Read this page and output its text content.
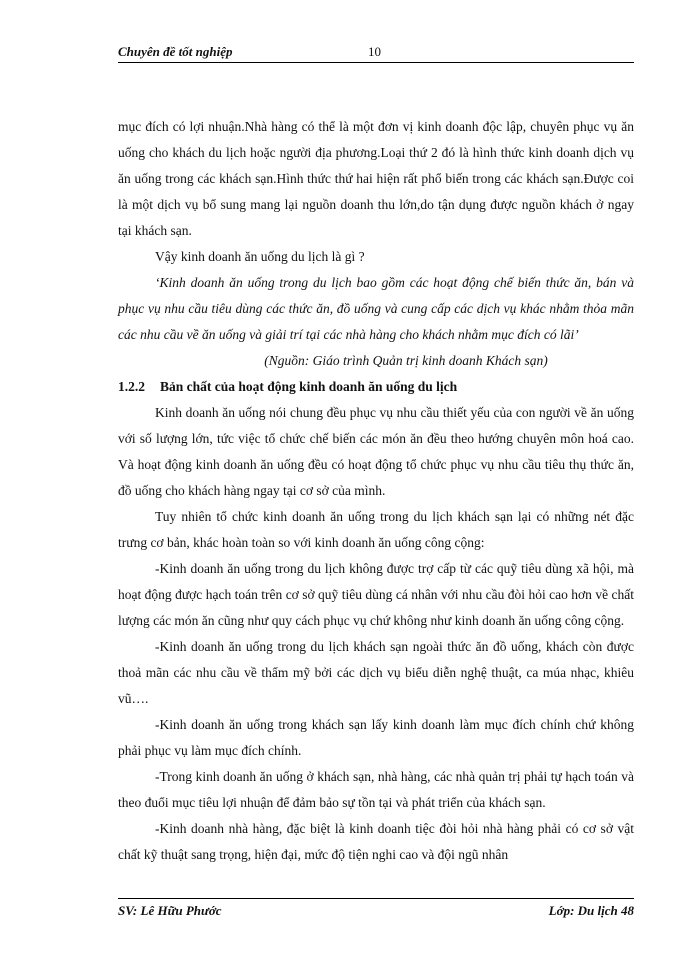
Chuyên đề tốt nghiệp	10

mục đích có lợi nhuận.Nhà hàng có thể là một đơn vị kinh doanh độc lập, chuyên phục vụ ăn uống cho khách du lịch hoặc người địa phương.Loại thứ 2 đó là hình thức kinh doanh dịch vụ ăn uống trong các khách sạn.Hình thức thứ hai hiện rất phổ biến trong các khách sạn.Được coi là một dịch vụ bổ sung mang lại nguồn doanh thu lớn,do tận dụng được nguồn khách ở ngay tại khách sạn.

Vậy kinh doanh ăn uống du lịch là gì ?

‘Kinh doanh ăn uống trong du lịch bao gồm các hoạt động chế biến thức ăn, bán và phục vụ nhu cầu tiêu dùng các thức ăn, đồ uống và cung cấp các dịch vụ khác nhằm thỏa mãn các nhu cầu về ăn uống và giải trí tại các nhà hàng cho khách nhằm mục đích có lãi’

(Nguồn: Giáo trình Quản trị kinh doanh Khách sạn)

1.2.2 Bản chất của hoạt động kinh doanh ăn uống du lịch

Kinh doanh ăn uống nói chung đều phục vụ nhu cầu thiết yếu của con người về ăn uống với số lượng lớn, tức việc tổ chức chế biến các món ăn đều theo hướng chuyên môn hoá cao. Và hoạt động kinh doanh ăn uống đều có hoạt động tổ chức phục vụ nhu cầu tiêu thụ thức ăn, đồ uống cho khách hàng ngay tại cơ sở của mình.

Tuy nhiên tổ chức kinh doanh ăn uống trong du lịch khách sạn lại có những nét đặc trưng cơ bản, khác hoàn toàn so với kinh doanh ăn uống công cộng:

-Kinh doanh ăn uống trong du lịch không được trợ cấp từ các quỹ tiêu dùng xã hội, mà hoạt động được hạch toán trên cơ sở quỹ tiêu dùng cá nhân với nhu cầu đòi hỏi cao hơn về chất lượng các món ăn cũng như quy cách phục vụ chứ không như kinh doanh ăn uống công cộng.

-Kinh doanh ăn uống trong du lịch khách sạn ngoài thức ăn đồ uống, khách còn được thoả mãn các nhu cầu về thẩm mỹ bởi các dịch vụ biểu diễn nghệ thuật, ca múa nhạc, khiêu vũ….

-Kinh doanh ăn uống trong khách sạn lấy kinh doanh làm mục đích chính chứ không phải phục vụ làm mục đích chính.

-Trong kinh doanh ăn uống ở khách sạn, nhà hàng, các nhà quản trị phải tự hạch toán và theo đuổi mục tiêu lợi nhuận để đảm bảo sự tồn tại và phát triển của khách sạn.

-Kinh doanh nhà hàng, đặc biệt là kinh doanh tiệc đòi hỏi nhà hàng phải có cơ sở vật chất kỹ thuật sang trọng, hiện đại, mức độ tiện nghi cao và đội ngũ nhân

SV: Lê Hữu Phước	Lớp: Du lịch 48
